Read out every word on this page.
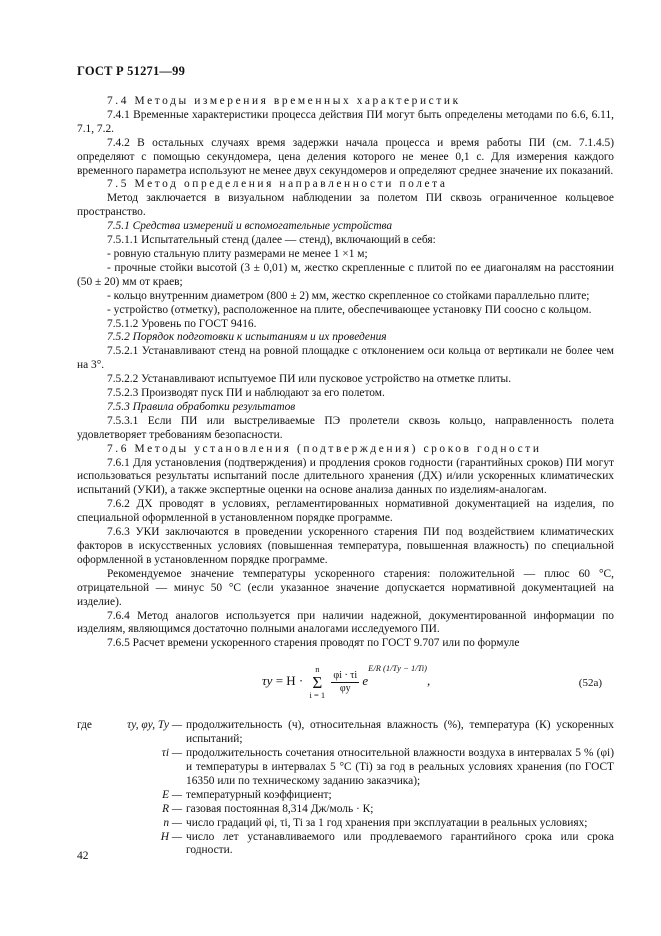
ГОСТ Р 51271—99

7.4 Методы измерения временных характеристик

7.4.1 Временные характеристики процесса действия ПИ могут быть определены методами по 6.6, 6.11, 7.1, 7.2.

7.4.2 В остальных случаях время задержки начала процесса и время работы ПИ (см. 7.1.4.5) определяют с помощью секундомера, цена деления которого не менее 0,1 с. Для измерения каждого временного параметра используют не менее двух секундомеров и определяют среднее значение их показаний.

7.5 Метод определения направленности полета

Метод заключается в визуальном наблюдении за полетом ПИ сквозь ограниченное кольцевое пространство.

7.5.1 Средства измерений и вспомогательные устройства

7.5.1.1 Испытательный стенд (далее — стенд), включающий в себя:

- ровную стальную плиту размерами не менее 1 ×1 м;

- прочные стойки высотой (3 ± 0,01) м, жестко скрепленные с плитой по ее диагоналям на расстоянии (50 ± 20) мм от краев;

- кольцо внутренним диаметром (800 ± 2) мм, жестко скрепленное со стойками параллельно плите;

- устройство (отметку), расположенное на плите, обеспечивающее установку ПИ соосно с кольцом.

7.5.1.2 Уровень по ГОСТ 9416.

7.5.2 Порядок подготовки к испытаниям и их проведения

7.5.2.1 Устанавливают стенд на ровной площадке с отклонением оси кольца от вертикали не более чем на 3°.

7.5.2.2 Устанавливают испытуемое ПИ или пусковое устройство на отметке плиты.

7.5.2.3 Производят пуск ПИ и наблюдают за его полетом.

7.5.3 Правила обработки результатов

7.5.3.1 Если ПИ или выстреливаемые ПЭ пролетели сквозь кольцо, направленность полета удовлетворяет требованиям безопасности.

7.6 Методы установления (подтверждения) сроков годности

7.6.1 Для установления (подтверждения) и продления сроков годности (гарантийных сроков) ПИ могут использоваться результаты испытаний после длительного хранения (ДХ) и/или ускоренных климатических испытаний (УКИ), а также экспертные оценки на основе анализа данных по изделиям-аналогам.

7.6.2 ДХ проводят в условиях, регламентированных нормативной документацией на изделия, по специальной оформленной в установленном порядке программе.

7.6.3 УКИ заключаются в проведении ускоренного старения ПИ под воздействием климатических факторов в искусственных условиях (повышенная температура, повышенная влажность) по специальной оформленной в установленном порядке программе.

Рекомендуемое значение температуры ускоренного старения: положительной — плюс 60 °С, отрицательной — минус 50 °С (если указанное значение допускается нормативной документацией на изделие).

7.6.4 Метод аналогов используется при наличии надежной, документированной информации по изделиям, являющимся достаточно полными аналогами исследуемого ПИ.

7.6.5 Расчет времени ускоренного старения проводят по ГОСТ 9.707 или по формуле

τу = H · n
Σ
i = 1
$\frac{\varphi i \cdot \tau i}{\varphi у} e^{E/R (1/Tу - 1/Ti)}$,	(52а)
где	τу, φу, Ту — продолжительность (ч), относительная влажность (%), температура (К) ускоренных испытаний;
τi — продолжительность сочетания относительной влажности воздуха в интервалах 5 % (φi) и температуры в интервалах 5 °С (Ti) за год в реальных условиях хранения (по ГОСТ 16350 или по техническому заданию заказчика);
Е — температурный коэффициент;
R — газовая постоянная 8,314 Дж/моль · К;
n — число градаций φi, τi, Ti за 1 год хранения при эксплуатации в реальных условиях;
H — число лет устанавливаемого или продлеваемого гарантийного срока или срока годности.
42
